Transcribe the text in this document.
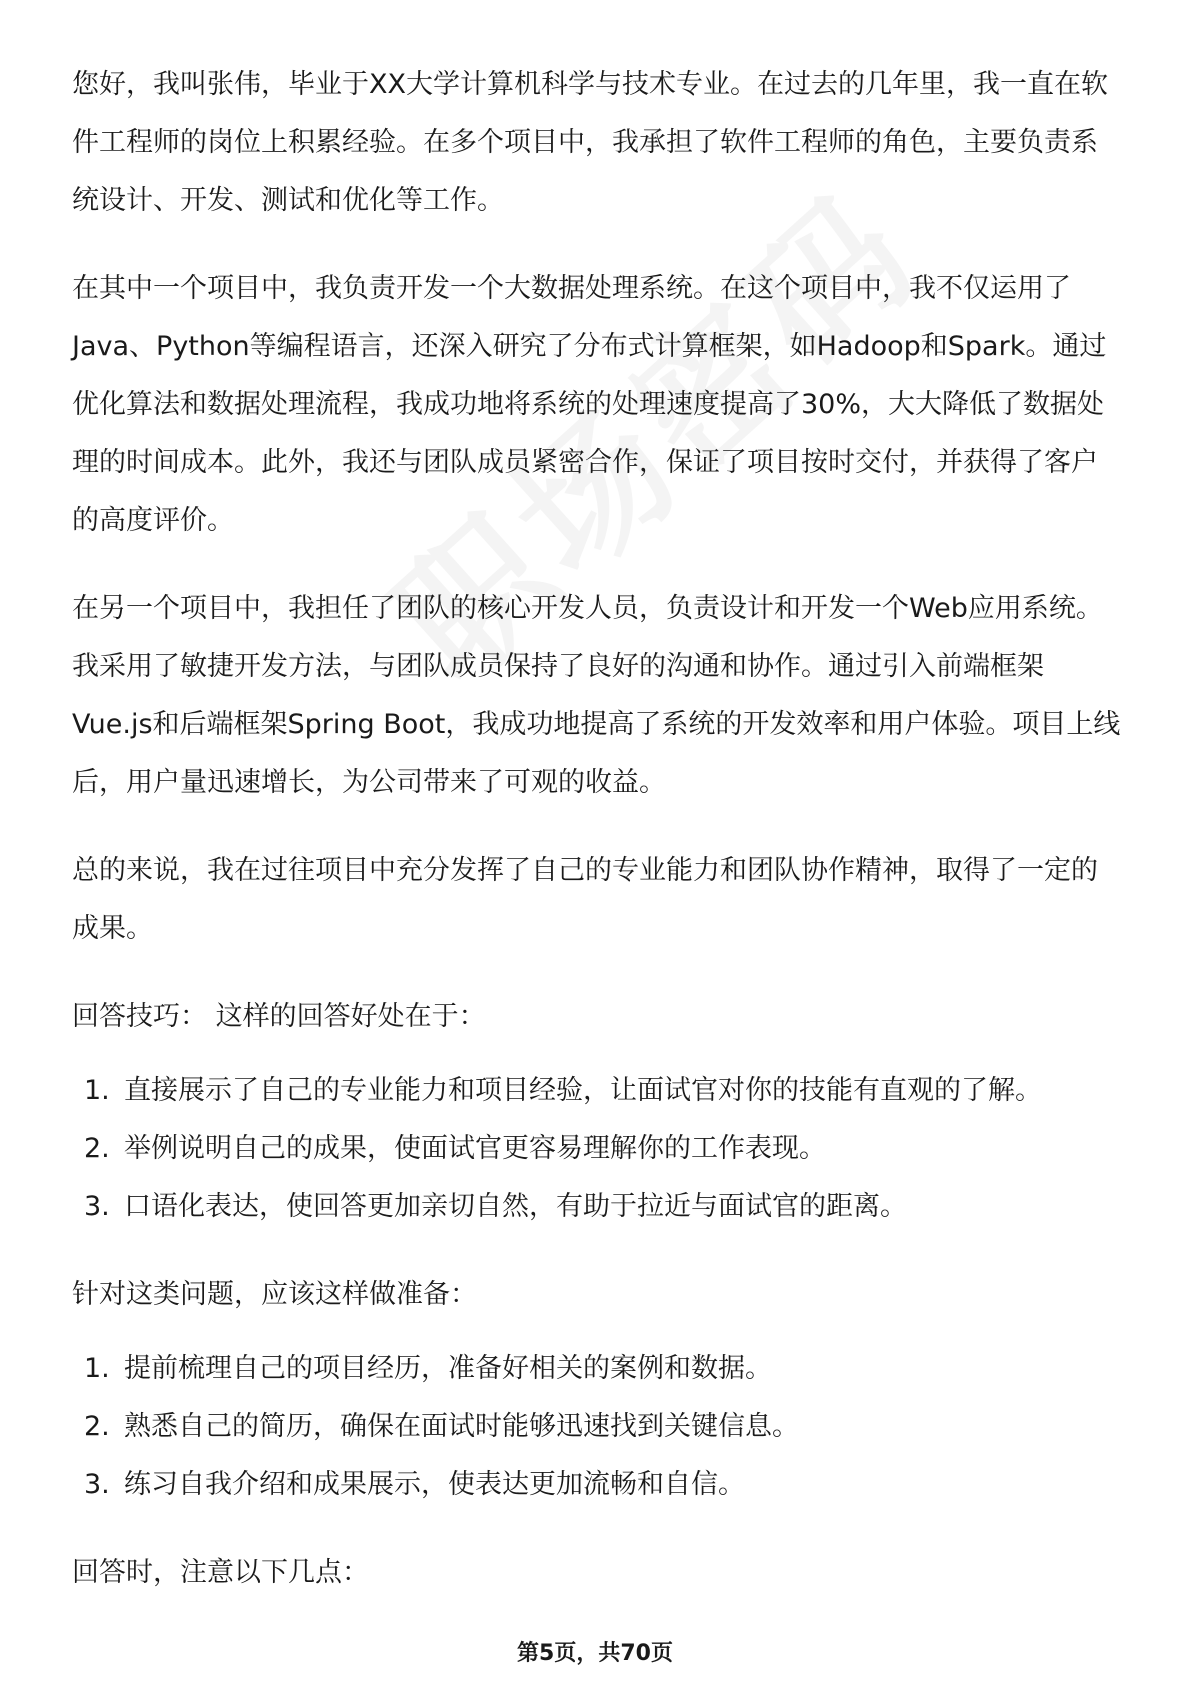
您好，我叫张伟，毕业于XX大学计算机科学与技术专业。在过去的几年里，我一直在软件工程师的岗位上积累经验。在多个项目中，我承担了软件工程师的角色，主要负责系统设计、开发、测试和优化等工作。

在其中一个项目中，我负责开发一个大数据处理系统。在这个项目中，我不仅运用了Java、Python等编程语言，还深入研究了分布式计算框架，如Hadoop和Spark。通过优化算法和数据处理流程，我成功地将系统的处理速度提高了30%，大大降低了数据处理的时间成本。此外，我还与团队成员紧密合作，保证了项目按时交付，并获得了客户的高度评价。

在另一个项目中，我担任了团队的核心开发人员，负责设计和开发一个Web应用系统。我采用了敏捷开发方法，与团队成员保持了良好的沟通和协作。通过引入前端框架Vue.js和后端框架Spring Boot，我成功地提高了系统的开发效率和用户体验。项目上线后，用户量迅速增长，为公司带来了可观的收益。

总的来说，我在过往项目中充分发挥了自己的专业能力和团队协作精神，取得了一定的成果。

回答技巧： 这样的回答好处在于：

1. 直接展示了自己的专业能力和项目经验，让面试官对你的技能有直观的了解。
2. 举例说明自己的成果，使面试官更容易理解你的工作表现。
3. 口语化表达，使回答更加亲切自然，有助于拉近与面试官的距离。

针对这类问题，应该这样做准备：

1. 提前梳理自己的项目经历，准备好相关的案例和数据。
2. 熟悉自己的简历，确保在面试时能够迅速找到关键信息。
3. 练习自我介绍和成果展示，使表达更加流畅和自信。

回答时，注意以下几点：

第5页，共70页
